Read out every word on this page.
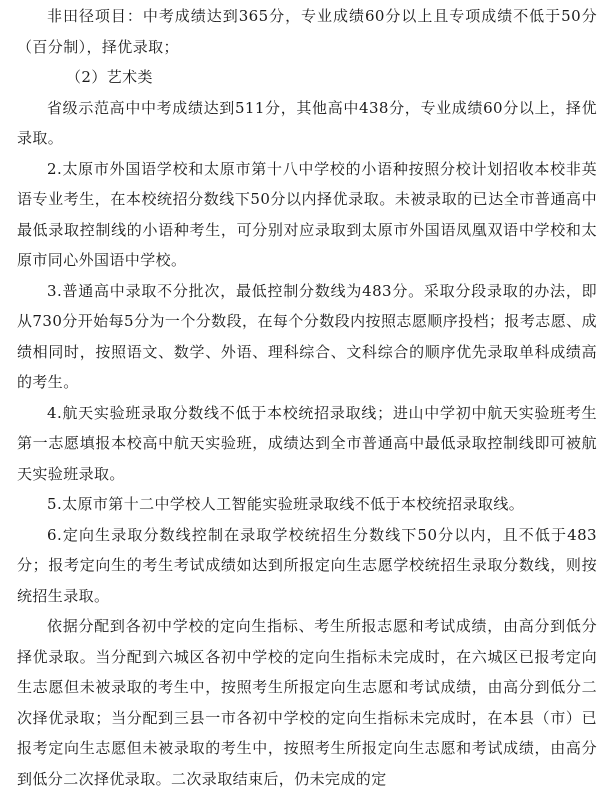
非田径项目：中考成绩达到365分，专业成绩60分以上且专项成绩不低于50分（百分制），择优录取；

（2）艺术类

省级示范高中中考成绩达到511分，其他高中438分，专业成绩60分以上，择优录取。

2.太原市外国语学校和太原市第十八中学校的小语种按照分校计划招收本校非英语专业考生，在本校统招分数线下50分以内择优录取。未被录取的已达全市普通高中最低录取控制线的小语种考生，可分别对应录取到太原市外国语凤凰双语中学校和太原市同心外国语中学校。

3.普通高中录取不分批次，最低控制分数线为483分。采取分段录取的办法，即从730分开始每5分为一个分数段，在每个分数段内按照志愿顺序投档；报考志愿、成绩相同时，按照语文、数学、外语、理科综合、文科综合的顺序优先录取单科成绩高的考生。

4.航天实验班录取分数线不低于本校统招录取线；进山中学初中航天实验班考生第一志愿填报本校高中航天实验班，成绩达到全市普通高中最低录取控制线即可被航天实验班录取。

5.太原市第十二中学校人工智能实验班录取线不低于本校统招录取线。

6.定向生录取分数线控制在录取学校统招生分数线下50分以内，且不低于483分；报考定向生的考生考试成绩如达到所报定向生志愿学校统招生录取分数线，则按统招生录取。

依据分配到各初中学校的定向生指标、考生所报志愿和考试成绩，由高分到低分择优录取。当分配到六城区各初中学校的定向生指标未完成时，在六城区已报考定向生志愿但未被录取的考生中，按照考生所报定向生志愿和考试成绩，由高分到低分二次择优录取；当分配到三县一市各初中学校的定向生指标未完成时，在本县（市）已报考定向生志愿但未被录取的考生中，按照考生所报定向生志愿和考试成绩，由高分到低分二次择优录取。二次录取结束后，仍未完成的定
